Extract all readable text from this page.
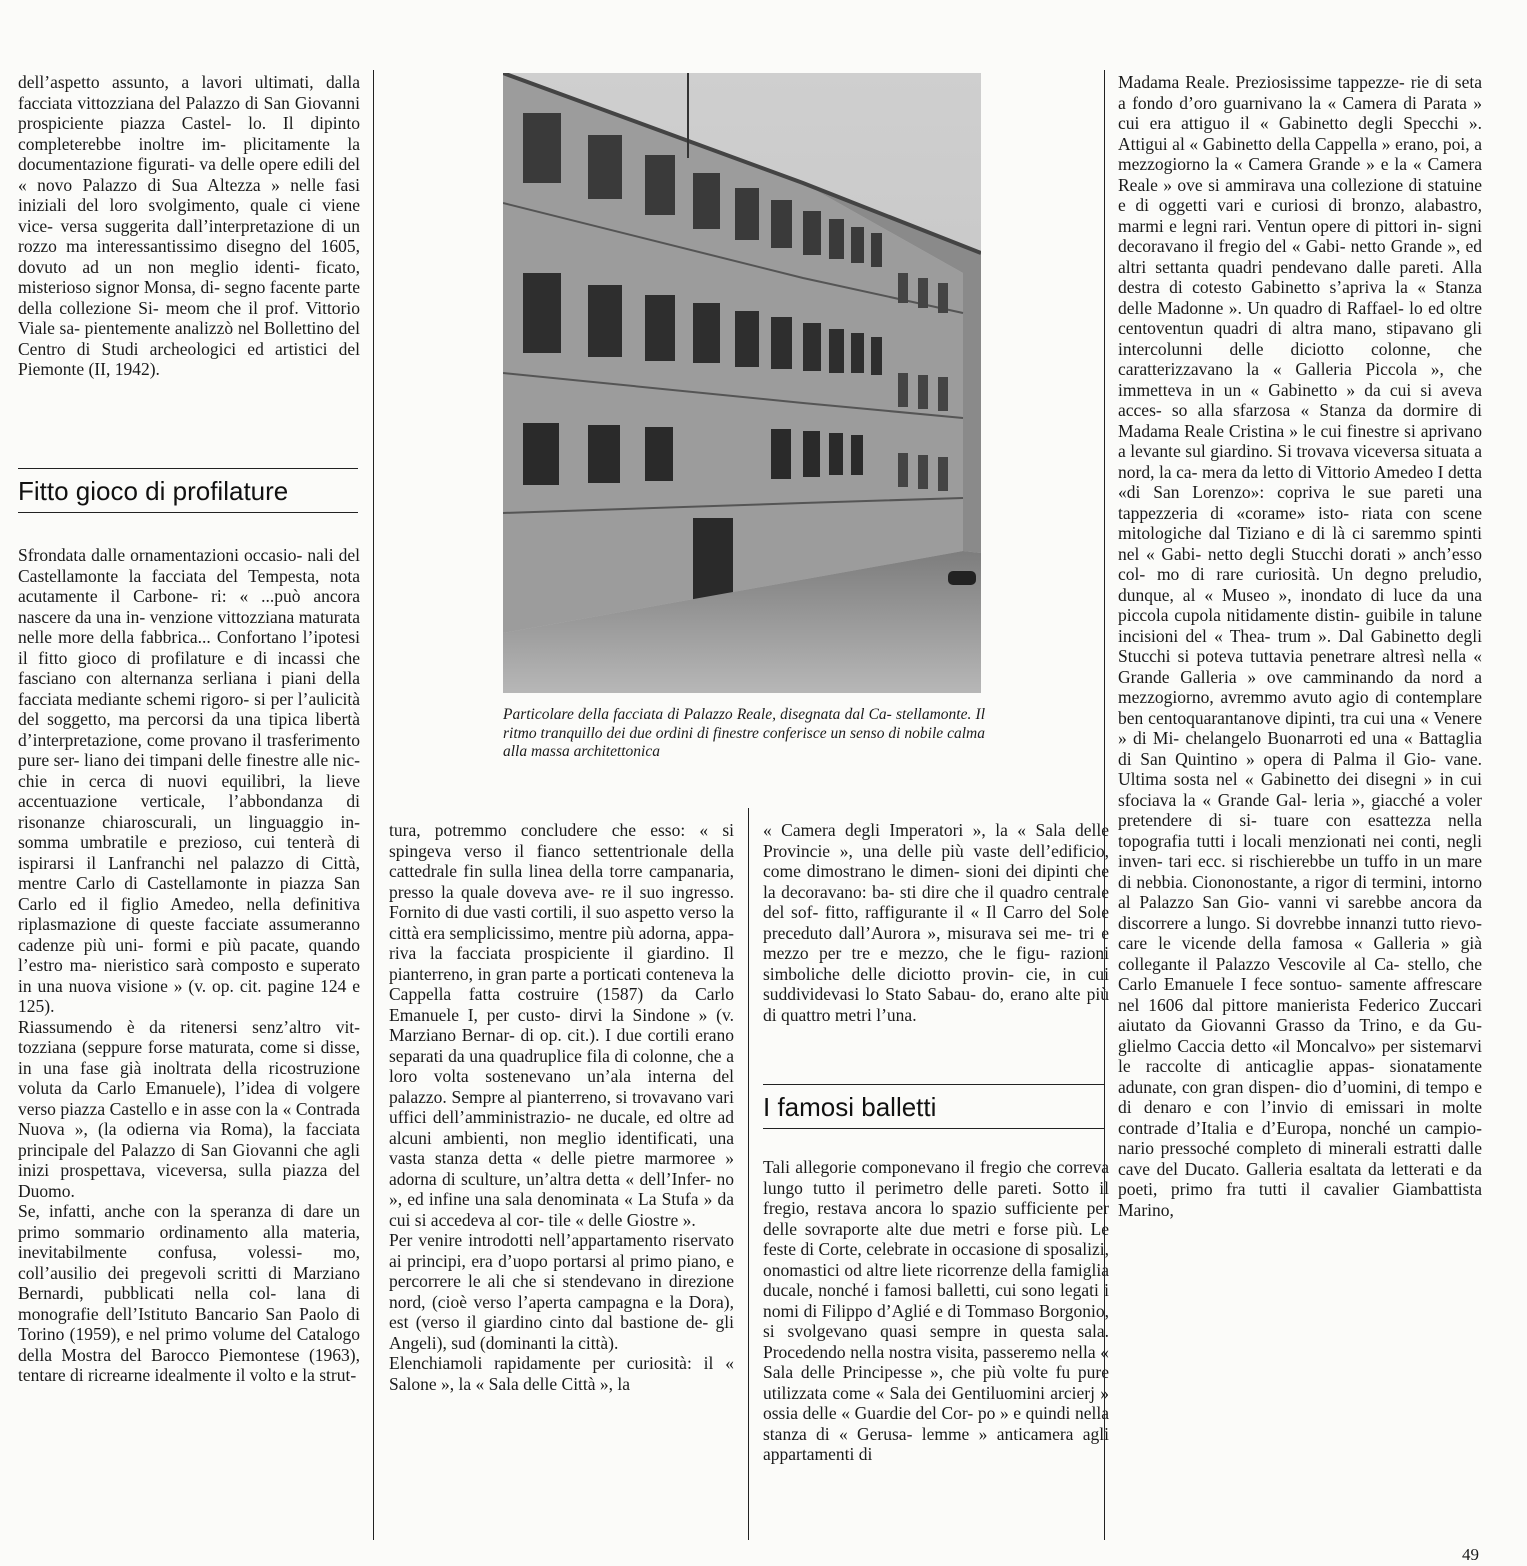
dell’aspetto assunto, a lavori ultimati, dalla facciata vittozziana del Palazzo di San Giovanni prospiciente piazza Castel- lo. Il dipinto completerebbe inoltre im- plicitamente la documentazione figurati- va delle opere edili del « novo Palazzo di Sua Altezza » nelle fasi iniziali del loro svolgimento, quale ci viene vice- versa suggerita dall’interpretazione di un rozzo ma interessantissimo disegno del 1605, dovuto ad un non meglio identi- ficato, misterioso signor Monsa, di- segno facente parte della collezione Si- meom che il prof. Vittorio Viale sa- pientemente analizzò nel Bollettino del Centro di Studi archeologici ed artistici del Piemonte (II, 1942).

Fitto gioco di profilature

Sfrondata dalle ornamentazioni occasio- nali del Castellamonte la facciata del Tempesta, nota acutamente il Carbone- ri: « ...può ancora nascere da una in- venzione vittozziana maturata nelle more della fabbrica... Confortano l’ipotesi il fitto gioco di profilature e di incassi che fasciano con alternanza serliana i piani della facciata mediante schemi rigoro- si per l’aulicità del soggetto, ma percorsi da una tipica libertà d’interpretazione, come provano il trasferimento pure ser- liano dei timpani delle finestre alle nic- chie in cerca di nuovi equilibri, la lieve accentuazione verticale, l’abbondanza di risonanze chiaroscurali, un linguaggio in- somma umbratile e prezioso, cui tenterà di ispirarsi il Lanfranchi nel palazzo di Città, mentre Carlo di Castellamonte in piazza San Carlo ed il figlio Amedeo, nella definitiva riplasmazione di queste facciate assumeranno cadenze più uni- formi e più pacate, quando l’estro ma- nieristico sarà composto e superato in una nuova visione » (v. op. cit. pagine 124 e 125).

Riassumendo è da ritenersi senz’altro vit- tozziana (seppure forse maturata, come si disse, in una fase già inoltrata della ricostruzione voluta da Carlo Emanuele), l’idea di volgere verso piazza Castello e in asse con la « Contrada Nuova », (la odierna via Roma), la facciata principale del Palazzo di San Giovanni che agli inizi prospettava, viceversa, sulla piazza del Duomo.

Se, infatti, anche con la speranza di dare un primo sommario ordinamento alla materia, inevitabilmente confusa, volessi- mo, coll’ausilio dei pregevoli scritti di Marziano Bernardi, pubblicati nella col- lana di monografie dell’Istituto Bancario San Paolo di Torino (1959), e nel primo volume del Catalogo della Mostra del Barocco Piemontese (1963), tentare di ricrearne idealmente il volto e la strut-

Particolare della facciata di Palazzo Reale, disegnata dal Ca- stellamonte. Il ritmo tranquillo dei due ordini di finestre conferisce un senso di nobile calma alla massa architettonica

tura, potremmo concludere che esso: « si spingeva verso il fianco settentrionale della cattedrale fin sulla linea della torre campanaria, presso la quale doveva ave- re il suo ingresso. Fornito di due vasti cortili, il suo aspetto verso la città era semplicissimo, mentre più adorna, appa- riva la facciata prospiciente il giardino. Il pianterreno, in gran parte a porticati conteneva la Cappella fatta costruire (1587) da Carlo Emanuele I, per custo- dirvi la Sindone » (v. Marziano Bernar- di op. cit.). I due cortili erano separati da una quadruplice fila di colonne, che a loro volta sostenevano un’ala interna del palazzo. Sempre al pianterreno, si trovavano vari uffici dell’amministrazio- ne ducale, ed oltre ad alcuni ambienti, non meglio identificati, una vasta stanza detta « delle pietre marmoree » adorna di sculture, un’altra detta « dell’Infer- no », ed infine una sala denominata « La Stufa » da cui si accedeva al cor- tile « delle Giostre ».

Per venire introdotti nell’appartamento riservato ai principi, era d’uopo portarsi al primo piano, e percorrere le ali che si stendevano in direzione nord, (cioè verso l’aperta campagna e la Dora), est (verso il giardino cinto dal bastione de- gli Angeli), sud (dominanti la città).

Elenchiamoli rapidamente per curiosità: il « Salone », la « Sala delle Città », la

« Camera degli Imperatori », la « Sala delle Provincie », una delle più vaste dell’edificio, come dimostrano le dimen- sioni dei dipinti che la decoravano: ba- sti dire che il quadro centrale del sof- fitto, raffigurante il « Il Carro del Sole preceduto dall’Aurora », misurava sei me- tri e mezzo per tre e mezzo, che le figu- razioni simboliche delle diciotto provin- cie, in cui suddividevasi lo Stato Sabau- do, erano alte più di quattro metri l’una.

I famosi balletti

Tali allegorie componevano il fregio che correva lungo tutto il perimetro delle pareti. Sotto il fregio, restava ancora lo spazio sufficiente per delle sovraporte alte due metri e forse più. Le feste di Corte, celebrate in occasione di sposalizi, onomastici od altre liete ricorrenze della famiglia ducale, nonché i famosi balletti, cui sono legati i nomi di Filippo d’Aglié e di Tommaso Borgonio, si svolgevano quasi sempre in questa sala. Procedendo nella nostra visita, passeremo nella « Sala delle Principesse », che più volte fu pure utilizzata come « Sala dei Gentiluomini arcierj » ossia delle « Guardie del Cor- po » e quindi nella stanza di « Gerusa- lemme » anticamera agli appartamenti di

Madama Reale. Preziosissime tappezze- rie di seta a fondo d’oro guarnivano la « Camera di Parata » cui era attiguo il « Gabinetto degli Specchi ». Attigui al « Gabinetto della Cappella » erano, poi, a mezzogiorno la « Camera Grande » e la « Camera Reale » ove si ammirava una collezione di statuine e di oggetti vari e curiosi di bronzo, alabastro, marmi e legni rari. Ventun opere di pittori in- signi decoravano il fregio del « Gabi- netto Grande », ed altri settanta quadri pendevano dalle pareti. Alla destra di cotesto Gabinetto s’apriva la « Stanza delle Madonne ». Un quadro di Raffael- lo ed oltre centoventun quadri di altra mano, stipavano gli intercolunni delle diciotto colonne, che caratterizzavano la « Galleria Piccola », che immetteva in un « Gabinetto » da cui si aveva acces- so alla sfarzosa « Stanza da dormire di Madama Reale Cristina » le cui finestre si aprivano a levante sul giardino. Si trovava viceversa situata a nord, la ca- mera da letto di Vittorio Amedeo I detta «di San Lorenzo»: copriva le sue pareti una tappezzeria di «corame» isto- riata con scene mitologiche dal Tiziano e di là ci saremmo spinti nel « Gabi- netto degli Stucchi dorati » anch’esso col- mo di rare curiosità. Un degno preludio, dunque, al « Museo », inondato di luce da una piccola cupola nitidamente distin- guibile in talune incisioni del « Thea- trum ». Dal Gabinetto degli Stucchi si poteva tuttavia penetrare altresì nella « Grande Galleria » ove camminando da nord a mezzogiorno, avremmo avuto agio di contemplare ben centoquarantanove dipinti, tra cui una « Venere » di Mi- chelangelo Buonarroti ed una « Battaglia di San Quintino » opera di Palma il Gio- vane. Ultima sosta nel « Gabinetto dei disegni » in cui sfociava la « Grande Gal- leria », giacché a voler pretendere di si- tuare con esattezza nella topografia tutti i locali menzionati nei conti, negli inven- tari ecc. si rischierebbe un tuffo in un mare di nebbia. Ciononostante, a rigor di termini, intorno al Palazzo San Gio- vanni vi sarebbe ancora da discorrere a lungo. Si dovrebbe innanzi tutto rievo- care le vicende della famosa « Galleria » già collegante il Palazzo Vescovile al Ca- stello, che Carlo Emanuele I fece sontuo- samente affrescare nel 1606 dal pittore manierista Federico Zuccari aiutato da Giovanni Grasso da Trino, e da Gu- glielmo Caccia detto «il Moncalvo» per sistemarvi le raccolte di anticaglie appas- sionatamente adunate, con gran dispen- dio d’uomini, di tempo e di denaro e con l’invio di emissari in molte contrade d’Italia e d’Europa, nonché un campio- nario pressoché completo di minerali estratti dalle cave del Ducato. Galleria esaltata da letterati e da poeti, primo fra tutti il cavalier Giambattista Marino,

49
